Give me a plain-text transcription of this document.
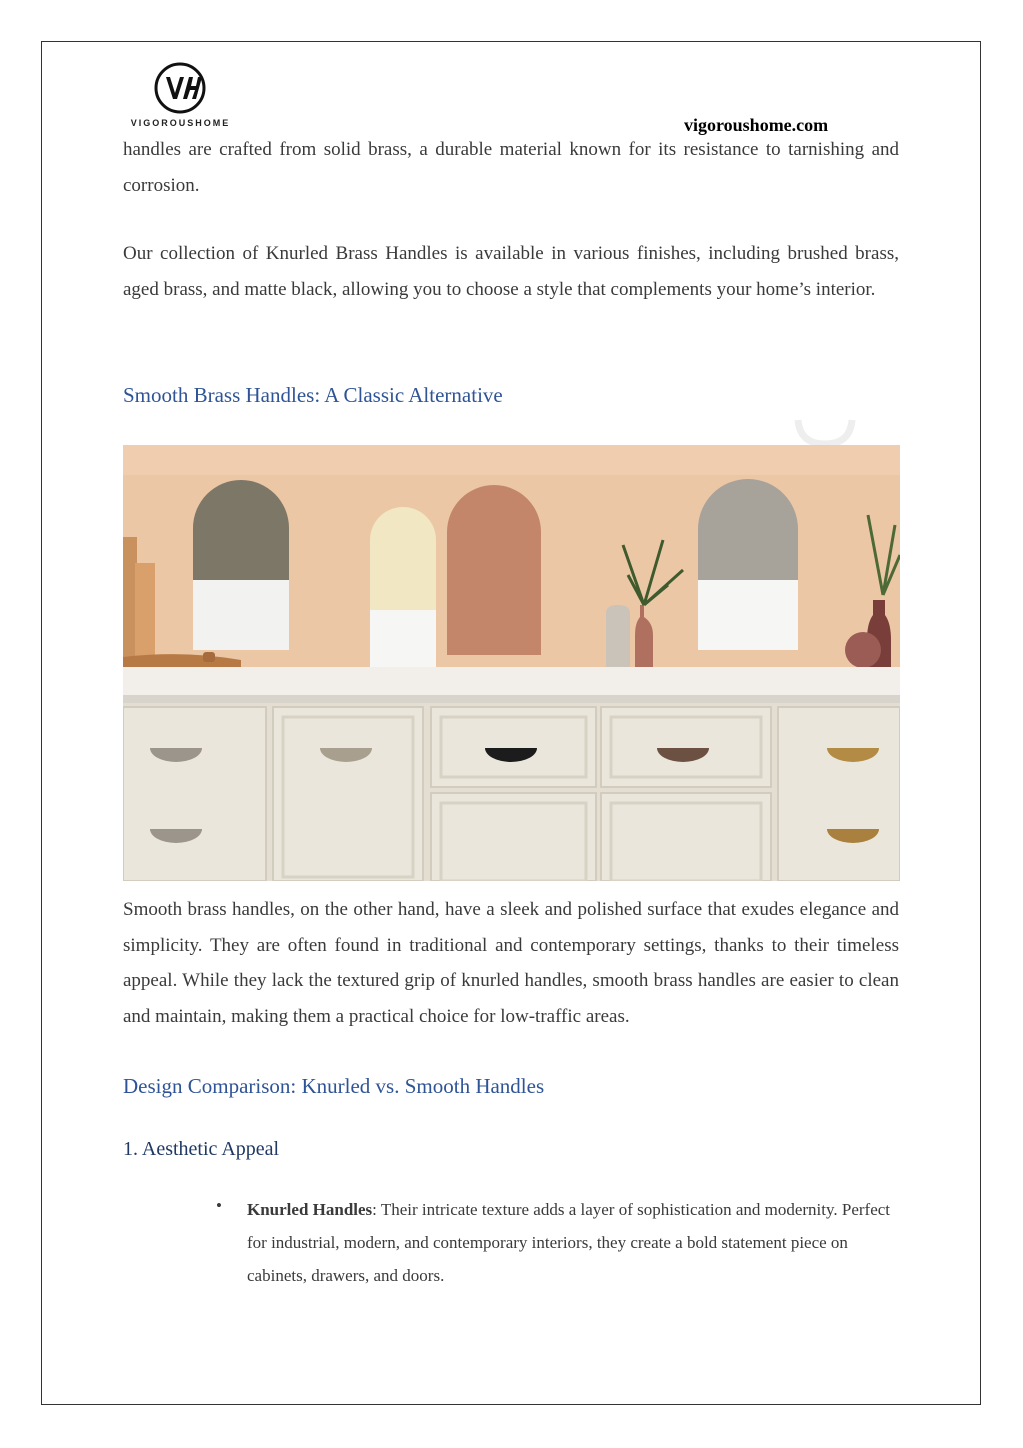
VIGOROUSHOME	vigoroushome.com

handles are crafted from solid brass, a durable material known for its resistance to tarnishing and corrosion.

Our collection of Knurled Brass Handles is available in various finishes, including brushed brass, aged brass, and matte black, allowing you to choose a style that complements your home’s interior.

Smooth Brass Handles: A Classic Alternative

Smooth brass handles, on the other hand, have a sleek and polished surface that exudes elegance and simplicity. They are often found in traditional and contemporary settings, thanks to their timeless appeal. While they lack the textured grip of knurled handles, smooth brass handles are easier to clean and maintain, making them a practical choice for low-traffic areas.

Design Comparison: Knurled vs. Smooth Handles
1. Aesthetic Appeal
• Knurled Handles: Their intricate texture adds a layer of sophistication and modernity. Perfect for industrial, modern, and contemporary interiors, they create a bold statement piece on cabinets, drawers, and doors.
